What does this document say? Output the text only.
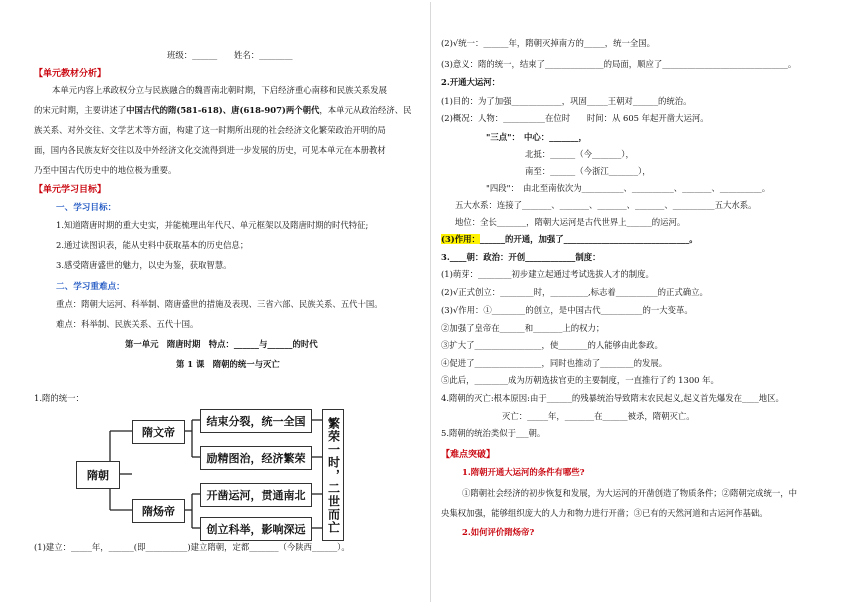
班级：______　　姓名：________
【单元教材分析】
本单元内容上承政权分立与民族融合的魏晋南北朝时期，下启经济重心南移和民族关系发展
的宋元时期，主要讲述了中国古代的隋(581-618)、唐(618-907)两个朝代，本单元从政治经济、民
族关系、对外交往、文学艺术等方面，构建了这一时期所出现的社会经济文化繁荣政治开明的局
面，国内各民族友好交往以及中外经济文化交流得到进一步发展的历史，可见本单元在本册教材
乃至中国古代历史中的地位极为重要。
【单元学习目标】
一、学习目标：
1.知道隋唐时期的重大史实，并能梳理出年代尺、单元框架以及隋唐时期的时代特征;
2.通过读图识表，能从史料中获取基本的历史信息；
3.感受隋唐盛世的魅力，以史为鉴，获取智慧。
二、学习重难点：
重点：隋朝大运河、科举制、隋唐盛世的措施及表现、三省六部、民族关系、五代十国。
难点：科举制、民族关系、五代十国。
第一单元　隋唐时期　特点：______与______的时代
第 1 课　隋朝的统一与灭亡
1.隋的统一：
隋朝
隋文帝
隋炀帝
结束分裂，统一全国
励精图治，经济繁荣
开凿运河，贯通南北
创立科举，影响深远 繁荣一时，二世而亡
(1)建立：_____年，______(即__________)建立隋朝，定都_______（今陕西______）。
(2)√统一：______年，隋朝灭掉南方的_____，统一全国。
(3)意义：隋的统一，结束了______________的局面，顺应了______________________________。
2.开通大运河：
(1)目的：为了加强____________，巩固_____王朝对______的统治。
(2)概况：人物：__________在位时　　时间：从 605 年起开凿大运河。
"三点"：　中心：_______，
北抵：______（今_______），
南至：______（今浙江_______），
"四段"：　由北至南依次为__________、__________、_______、__________。
五大水系：连接了_______、_______、_______、_______、__________五大水系。
地位：全长_______，隋朝大运河是古代世界上______的运河。
(3)作用：______的开通，加强了______________________________。
3.____朝：政治：开创____________制度：
(1)萌芽：________初步建立起通过考试选拔人才的制度。
(2)√正式创立：________时，_________,标志着__________的正式确立。
(3)√作用：①________的创立，是中国古代__________的一大变革。
②加强了皇帝在______和_______上的权力；
③扩大了________________，使_______的人能够由此参政。
④促进了________________，同时也推动了________的发展。
⑤此后，________成为历朝选拔官吏的主要制度，一直推行了约 1300 年。
4.隋朝的灭亡:根本原因:由于______的残暴统治导致隋末农民起义,起义首先爆发在____地区。
灭亡：_____年，_______在______被杀，隋朝灭亡。
5.隋朝的统治类似于___朝。
【难点突破】
1.隋朝开通大运河的条件有哪些?
①隋朝社会经济的初步恢复和发展，为大运河的开凿创造了物质条件；②隋朝完成统一，中
央集权加强，能够组织庞大的人力和物力进行开凿；③已有的天然河道和古运河作基础。
2.如何评价隋炀帝?
